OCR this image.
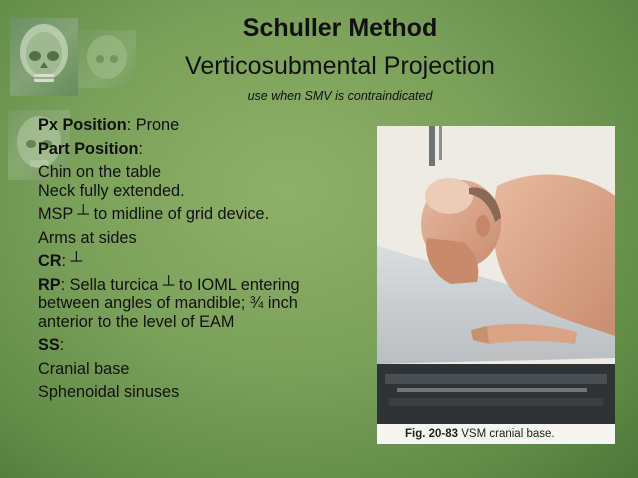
Schuller Method
Verticosubmental Projection
use when SMV is contraindicated
Px Position: Prone
Part Position:
Chin on the table
Neck fully extended.
MSP ┴ to midline of grid device.
Arms at sides
CR: ┴
RP: Sella turcica ┴ to IOML entering
between angles of mandible; ¾ inch
anterior to the level of EAM
SS:
Cranial base
Sphenoidal sinuses
Fig. 20-83 VSM cranial base.
